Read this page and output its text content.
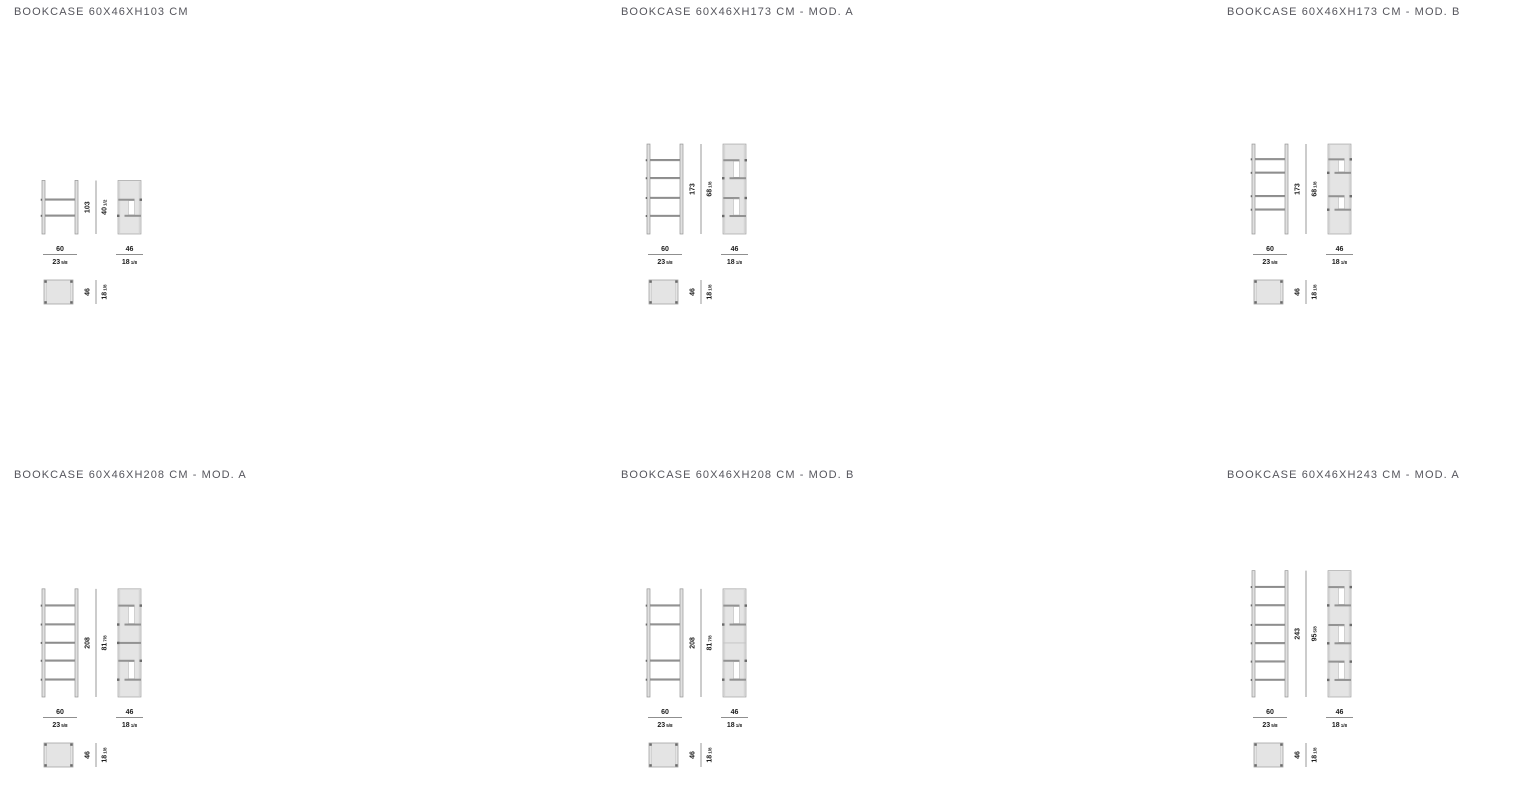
BOOKCASE 60X46XH103 CM
103 401/2
60
235/8
46
181/8
46 181/8
BOOKCASE 60X46XH173 CM - MOD. A
173 681/8
60
235/8
46
181/8
46 181/8
BOOKCASE 60X46XH173 CM - MOD. B
173 681/8
60
235/8
46
181/8
46 181/8
BOOKCASE 60X46XH208 CM - MOD. A
208 817/8
60
235/8
46
181/8
46 181/8
BOOKCASE 60X46XH208 CM - MOD. B
208 817/8
60
235/8
46
181/8
46 181/8
BOOKCASE 60X46XH243 CM - MOD. A
243 955/8
60
235/8
46
181/8
46 181/8
